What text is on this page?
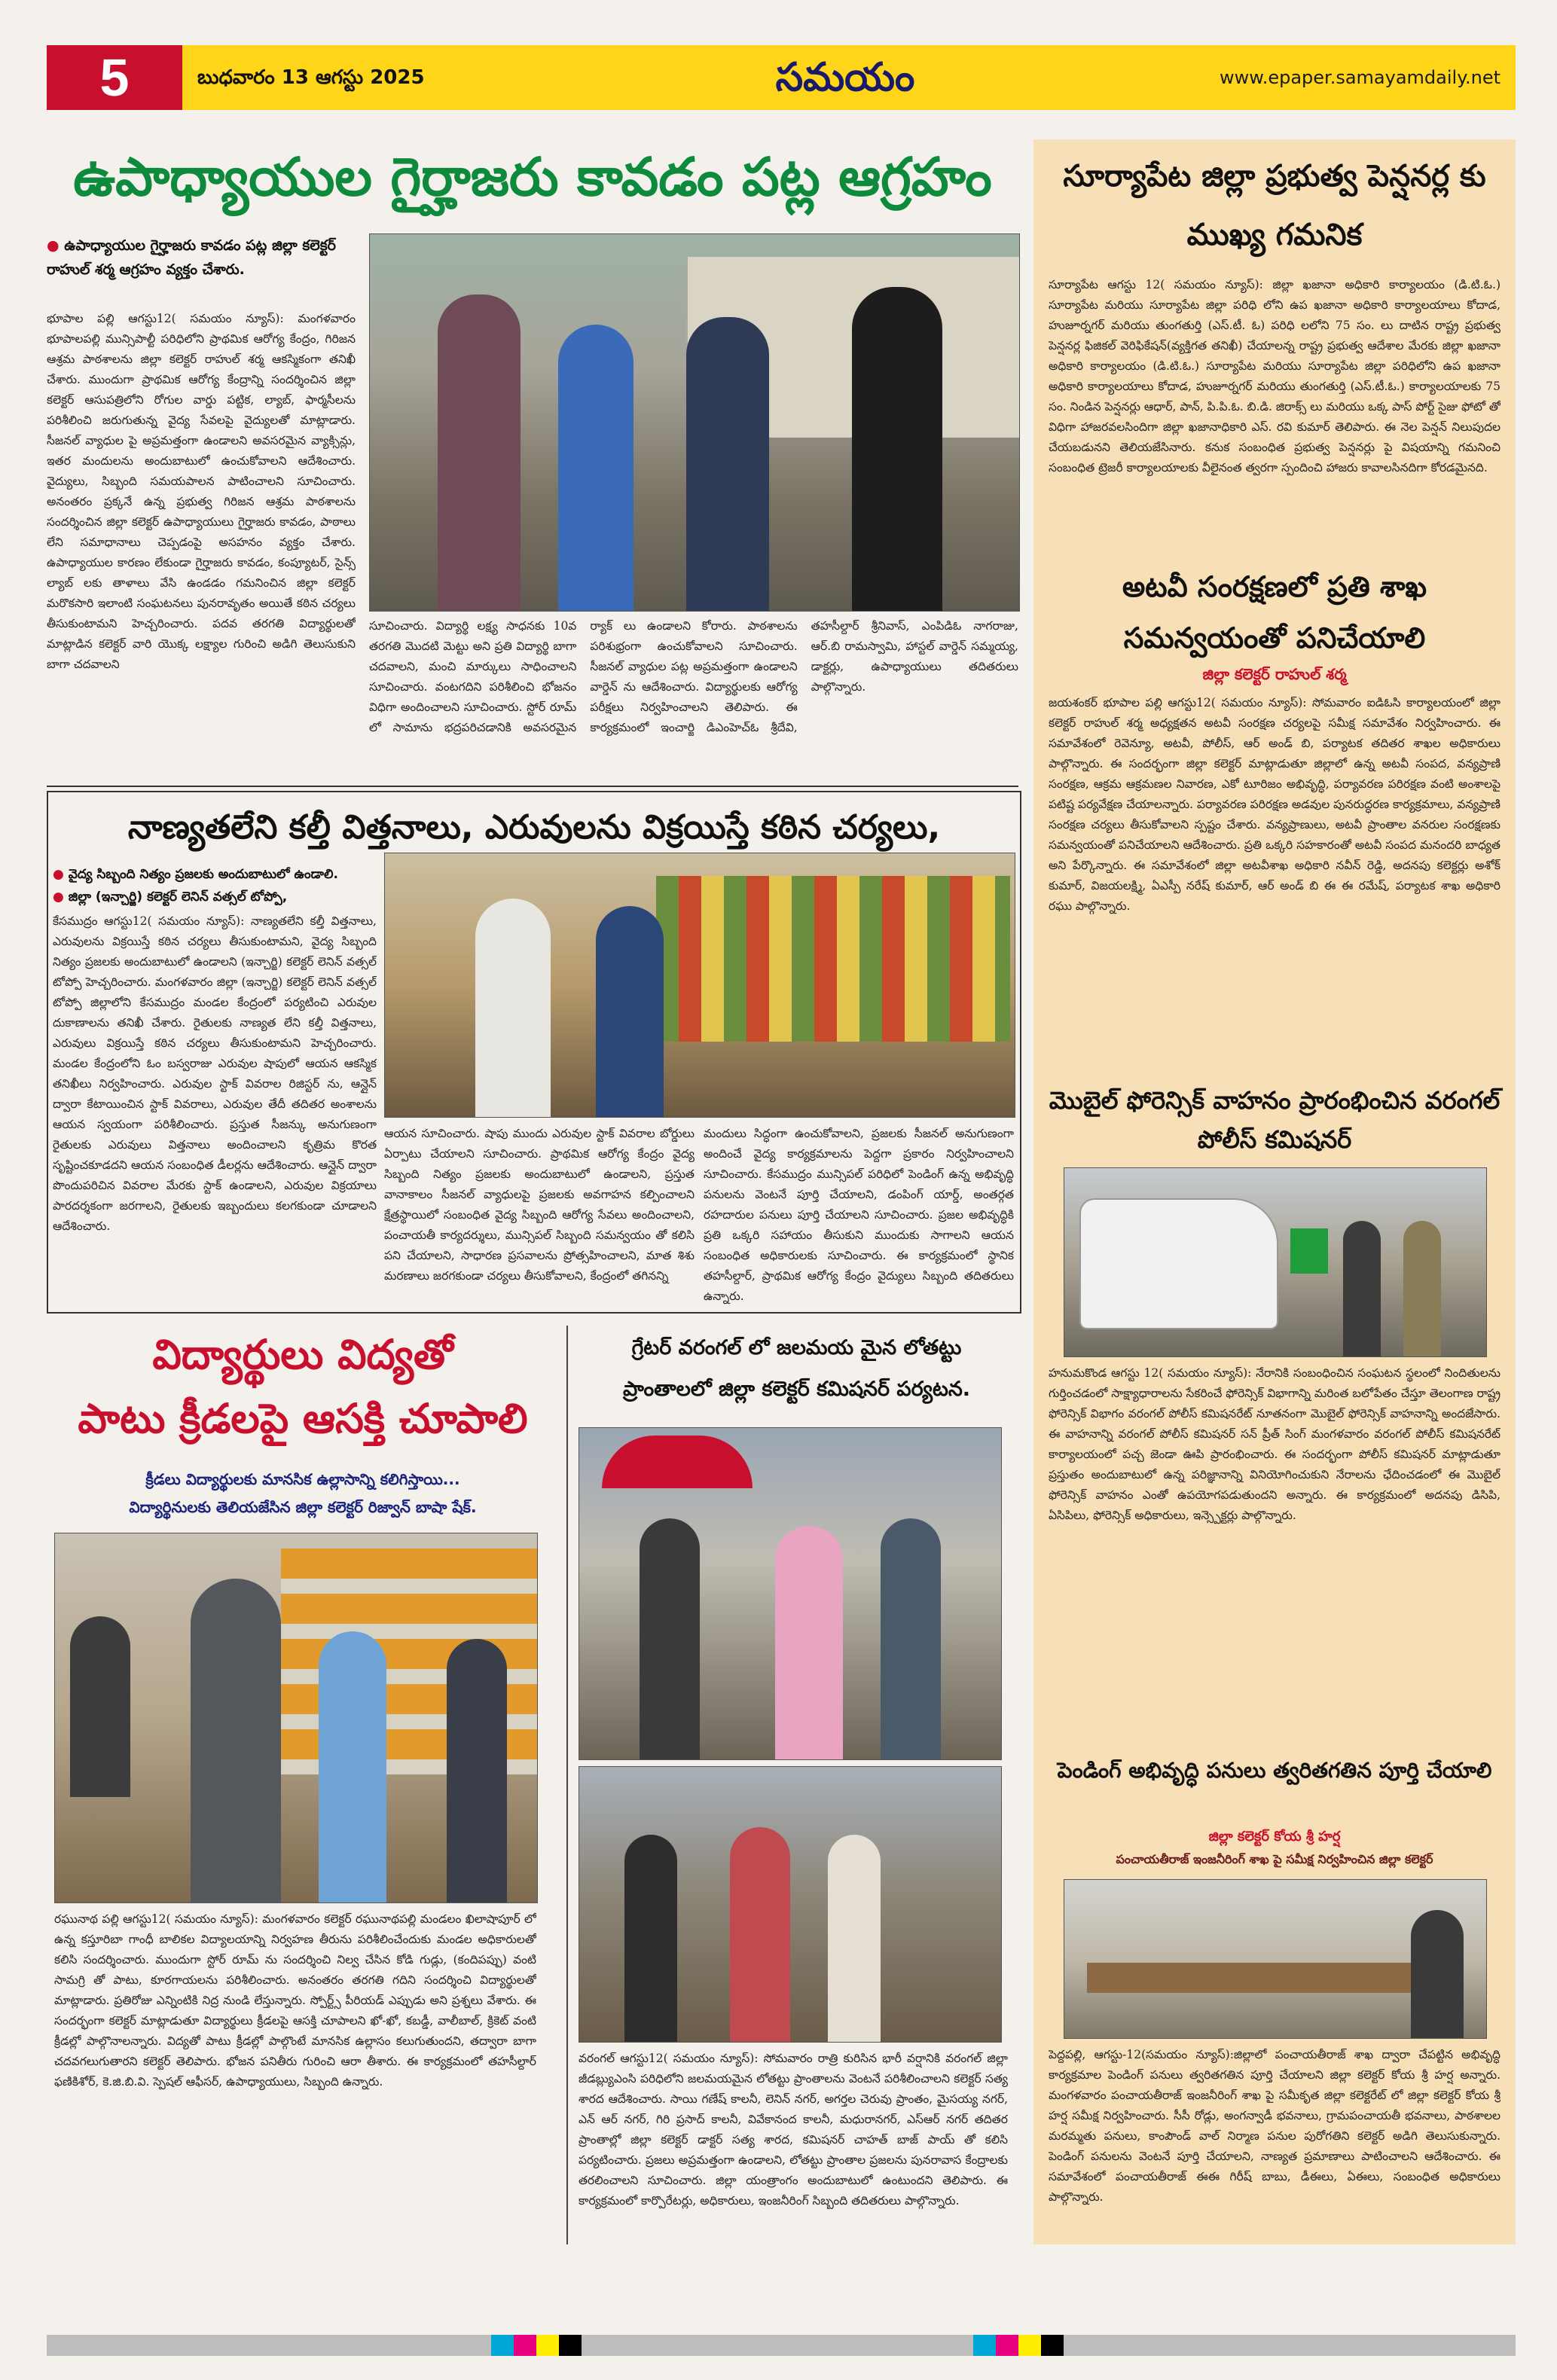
5	బుధవారం 13 ఆగస్టు 2025	సమయం	www.epaper.samayamdaily.net
ఉపాధ్యాయుల గైర్హాజరు కావడం పట్ల ఆగ్రహం
● ఉపాధ్యాయుల గైర్హాజరు కావడం పట్ల జిల్లా కలెక్టర్ రాహుల్ శర్మ ఆగ్రహం వ్యక్తం చేశారు.
భూపాల పల్లి ఆగస్టు12( సమయం న్యూస్): మంగళవారం భూపాలపల్లి మున్సిపాల్టీ పరిధిలోని ప్రాథమిక ఆరోగ్య కేంద్రం, గిరిజన ఆశ్రమ పాఠశాలను జిల్లా కలెక్టర్ రాహుల్ శర్మ ఆకస్మికంగా తనిఖీ చేశారు. ముందుగా ప్రాథమిక ఆరోగ్య కేంద్రాన్ని సందర్శించిన జిల్లా కలెక్టర్ ఆసుపత్రిలోని రోగుల వార్డు పట్టిక, ల్యాబ్, ఫార్మసీలను పరిశీలించి జరుగుతున్న వైద్య సేవలపై వైద్యులతో మాట్లాడారు. సీజనల్ వ్యాధుల పై అప్రమత్తంగా ఉండాలని అవసరమైన వ్యాక్సిన్లు, ఇతర మందులను అందుబాటులో ఉంచుకోవాలని ఆదేశించారు. వైద్యులు, సిబ్బంది సమయపాలన పాటించాలని సూచించారు. అనంతరం ప్రక్కనే ఉన్న ప్రభుత్వ గిరిజన ఆశ్రమ పాఠశాలను సందర్శించిన జిల్లా కలెక్టర్ ఉపాధ్యాయులు గైర్హాజరు కావడం, పాఠాలు లేని సమాధానాలు చెప్పడంపై అసహనం వ్యక్తం చేశారు. ఉపాధ్యాయుల కారణం లేకుండా గైర్హాజరు కావడం, కంప్యూటర్, సైన్స్ ల్యాబ్ లకు తాళాలు వేసి ఉండడం గమనించిన జిల్లా కలెక్టర్ మరొకసారి ఇలాంటి సంఘటనలు పునరావృతం అయితే కఠిన చర్యలు తీసుకుంటామని హెచ్చరించారు. పదవ తరగతి విద్యార్థులతో మాట్లాడిన కలెక్టర్ వారి యొక్క లక్ష్యాల గురించి అడిగి తెలుసుకుని బాగా చదవాలని
సూచించారు. విద్యార్థి లక్ష్య సాధనకు 10వ తరగతి మొదటి మెట్టు అని ప్రతి విద్యార్థి బాగా చదవాలని, మంచి మార్కులు సాధించాలని సూచించారు. వంటగదిని పరిశీలించి భోజనం విధిగా అందించాలని సూచించారు. స్టోర్ రూమ్ లో సామాను భద్రపరిచడానికి అవసరమైన ర్యాక్ లు ఉండాలని కోరారు. పాఠశాలను పరిశుభ్రంగా ఉంచుకోవాలని సూచించారు. సీజనల్ వ్యాధుల పట్ల అప్రమత్తంగా ఉండాలని వార్డెన్ ను ఆదేశించారు. విద్యార్థులకు ఆరోగ్య పరీక్షలు నిర్వహించాలని తెలిపారు. ఈ కార్యక్రమంలో ఇంచార్జి డిఎంహెచ్ఓ శ్రీదేవి, తహసీల్దార్ శ్రీనివాస్, ఎంపిడిఓ నాగరాజు, ఆర్.బి రామస్వామి, హాస్టల్ వార్డెన్ సమ్మయ్య, డాక్టర్లు, ఉపాధ్యాయులు తదితరులు పాల్గొన్నారు.
నాణ్యతలేని కల్తీ విత్తనాలు, ఎరువులను విక్రయిస్తే కఠిన చర్యలు,
● వైద్య సిబ్బంది నిత్యం ప్రజలకు అందుబాటులో ఉండాలి.
● జిల్లా (ఇన్చార్జి) కలెక్టర్ లెనిన్ వత్సల్ టోప్పో,
కేసముద్రం ఆగస్టు12( సమయం న్యూస్): నాణ్యతలేని కల్తీ విత్తనాలు, ఎరువులను విక్రయిస్తే కఠిన చర్యలు తీసుకుంటామని, వైద్య సిబ్బంది నిత్యం ప్రజలకు అందుబాటులో ఉండాలని (ఇన్చార్జి) కలెక్టర్ లెనిన్ వత్సల్ టోప్పో హెచ్చరించారు. మంగళవారం జిల్లా (ఇన్చార్జి) కలెక్టర్ లెనిన్ వత్సల్ టోప్పో జిల్లాలోని కేసముద్రం మండల కేంద్రంలో పర్యటించి ఎరువుల దుకాణాలను తనిఖీ చేశారు. రైతులకు నాణ్యత లేని కల్తీ విత్తనాలు, ఎరువులు విక్రయిస్తే కఠిన చర్యలు తీసుకుంటామని హెచ్చరించారు. మండల కేంద్రంలోని ఓం బస్వరాజు ఎరువుల షాపులో ఆయన ఆకస్మిక తనిఖీలు నిర్వహించారు. ఎరువుల స్టాక్ వివరాల రిజిస్టర్ ను, ఆన్లైన్ ద్వారా కేటాయించిన స్టాక్ వివరాలు, ఎరువుల తేదీ తదితర అంశాలను ఆయన స్వయంగా పరిశీలించారు. ప్రస్తుత సీజన్కు అనుగుణంగా రైతులకు ఎరువులు విత్తనాలు అందించాలని కృత్రిమ కొరత సృష్టించకూడదని ఆయన సంబంధిత డీలర్లను ఆదేశించారు. ఆన్లైన్ ద్వారా పొందుపరిచిన వివరాల మేరకు స్టాక్ ఉండాలని, ఎరువుల విక్రయాలు పారదర్శకంగా జరగాలని, రైతులకు ఇబ్బందులు కలగకుండా చూడాలని ఆదేశించారు.
ఆయన సూచించారు. షాపు ముందు ఎరువుల స్టాక్ వివరాల బోర్డులు ఏర్పాటు చేయాలని సూచించారు. ప్రాథమిక ఆరోగ్య కేంద్రం వైద్య సిబ్బంది నిత్యం ప్రజలకు అందుబాటులో ఉండాలని, ప్రస్తుత వానాకాలం సీజనల్ వ్యాధులపై ప్రజలకు అవగాహన కల్పించాలని క్షేత్రస్థాయిలో సంబంధిత వైద్య సిబ్బంది ఆరోగ్య సేవలు అందించాలని, పంచాయతీ కార్యదర్శులు, మున్సిపల్ సిబ్బంది సమన్వయం తో కలిసి పని చేయాలని, సాధారణ ప్రసవాలను ప్రోత్సహించాలని, మాత శిశు మరణాలు జరగకుండా చర్యలు తీసుకోవాలని, కేంద్రంలో తగినన్ని
మందులు సిద్ధంగా ఉంచుకోవాలని, ప్రజలకు సీజనల్ అనుగుణంగా అందించే వైద్య కార్యక్రమాలను పెద్దగా ప్రకారం నిర్వహించాలని సూచించారు. కేసముద్రం మున్సిపల్ పరిధిలో పెండింగ్ ఉన్న అభివృద్ధి పనులను వెంటనే పూర్తి చేయాలని, డంపింగ్ యార్డ్, అంతర్గత రహదారుల పనులు పూర్తి చేయాలని సూచించారు. ప్రజల అభివృద్ధికి ప్రతి ఒక్కరి సహాయం తీసుకుని ముందుకు సాగాలని ఆయన సంబంధిత అధికారులకు సూచించారు. ఈ కార్యక్రమంలో స్థానిక తహసీల్దార్, ప్రాథమిక ఆరోగ్య కేంద్రం వైద్యులు సిబ్బంది తదితరులు ఉన్నారు.
విద్యార్థులు విద్యతో
పాటు క్రీడలపై ఆసక్తి చూపాలి
క్రీడలు విద్యార్థులకు మానసిక ఉల్లాసాన్ని కలిగిస్తాయి...
విద్యార్థినులకు తెలియజేసిన జిల్లా కలెక్టర్ రిజ్వాన్ బాషా షేక్.
రఘునాథ పల్లి ఆగస్టు12( సమయం న్యూస్): మంగళవారం కలెక్టర్ రఘునాథపల్లి మండలం ఖిలాషాపూర్ లో ఉన్న కస్తూరిబా గాంధీ బాలికల విద్యాలయాన్ని నిర్వహణ తీరును పరిశీలించేందుకు మండల అధికారులతో కలిసి సందర్శించారు. ముందుగా స్టోర్ రూమ్ ను సందర్శించి నిల్వ చేసిన కోడి గుడ్లు, (కందిపప్పు) వంటి సామగ్రి తో పాటు, కూరగాయలను పరిశీలించారు. అనంతరం తరగతి గదిని సందర్శించి విద్యార్థులతో మాట్లాడారు. ప్రతిరోజు ఎన్నింటికి నిద్ర నుండి లేస్తున్నారు. స్పోర్ట్స్ పీరియడ్ ఎప్పుడు అని ప్రశ్నలు వేశారు. ఈ సందర్భంగా కలెక్టర్ మాట్లాడుతూ విద్యార్థులు క్రీడలపై ఆసక్తి చూపాలని ఖో-ఖో, కబడ్డీ, వాలీబాల్, క్రికెట్ వంటి క్రీడల్లో పాల్గొనాలన్నారు. విద్యతో పాటు క్రీడల్లో పాల్గొంటే మానసిక ఉల్లాసం కలుగుతుందని, తద్వారా బాగా చదవగలుగుతారని కలెక్టర్ తెలిపారు. భోజన పనితీరు గురించి ఆరా తీశారు. ఈ కార్యక్రమంలో తహసీల్దార్ ఫణికిశోర్, కె.జి.బి.వి. స్పెషల్ ఆఫీసర్, ఉపాధ్యాయులు, సిబ్బంది ఉన్నారు.
గ్రేటర్ వరంగల్ లో జలమయ మైన లోతట్టు
ప్రాంతాలలో జిల్లా కలెక్టర్ కమిషనర్ పర్యటన.
వరంగల్ ఆగస్టు12( సమయం న్యూస్): సోమవారం రాత్రి కురిసిన భారీ వర్షానికి వరంగల్ జిల్లా జీడబ్ల్యుఎంసి పరిధిలోని జలమయమైన లోతట్టు ప్రాంతాలను వెంటనే పరిశీలించాలని కలెక్టర్ సత్య శారద ఆదేశించారు. సాయి గణేష్ కాలనీ, లెనిన్ నగర్, అగర్తల చెరువు ప్రాంతం, మైసయ్య నగర్, ఎన్ ఆర్ నగర్, గిరి ప్రసాద్ కాలనీ, వివేకానంద కాలనీ, మధురానగర్, ఎస్ఆర్ నగర్ తదితర ప్రాంతాల్లో జిల్లా కలెక్టర్ డాక్టర్ సత్య శారద, కమిషనర్ చాహత్ బాజ్ పాయ్ తో కలిసి పర్యటించారు. ప్రజలు అప్రమత్తంగా ఉండాలని, లోతట్టు ప్రాంతాల ప్రజలను పునరావాస కేంద్రాలకు తరలించాలని సూచించారు. జిల్లా యంత్రాంగం అందుబాటులో ఉంటుందని తెలిపారు. ఈ కార్యక్రమంలో కార్పొరేటర్లు, అధికారులు, ఇంజనీరింగ్ సిబ్బంది తదితరులు పాల్గొన్నారు.
సూర్యాపేట జిల్లా ప్రభుత్వ పెన్షనర్ల కు ముఖ్య గమనిక
సూర్యాపేట ఆగస్టు 12( సమయం న్యూస్): జిల్లా ఖజానా అధికారి కార్యాలయం (డి.టి.ఓ.) సూర్యాపేట మరియు సూర్యాపేట జిల్లా పరిధి లోని ఉప ఖజానా అధికారి కార్యాలయాలు కోదాడ, హుజూర్నగర్ మరియు తుంగతుర్తి (ఎస్.టీ. ఓ) పరిధి లలోని 75 సం. లు దాటిన రాష్ట్ర ప్రభుత్వ పెన్షనర్ల ఫిజికల్ వెరిఫికేషన్(వ్యక్తిగత తనిఖీ) చేయాలన్న రాష్ట్ర ప్రభుత్వ ఆదేశాల మేరకు జిల్లా ఖజానా అధికారి కార్యాలయం (డి.టి.ఓ.) సూర్యాపేట మరియు సూర్యాపేట జిల్లా పరిధిలోని ఉప ఖజానా అధికారి కార్యాలయాలు కోదాడ, హుజూర్నగర్ మరియు తుంగతుర్తి (ఎస్.టీ.ఓ.) కార్యాలయాలకు 75 సం. నిండిన పెన్షనర్లు ఆధార్, పాన్, పి.పి.ఓ. బి.డి. జిరాక్స్ లు మరియు ఒక్క పాస్ పోర్ట్ సైజు ఫోటో తో విధిగా హాజరవలసిందిగా జిల్లా ఖజానాధికారి ఎస్. రవి కుమార్ తెలిపారు. ఈ నెల పెన్షన్ నిలుపుదల చేయబడునని తెలియజేసినారు. కనుక సంబంధిత ప్రభుత్వ పెన్షనర్లు పై విషయాన్ని గమనించి సంబంధిత ట్రెజరీ కార్యాలయాలకు వీలైనంత త్వరగా స్పందించి హాజరు కావాలసినదిగా కోరడమైనది.
అటవీ సంరక్షణలో ప్రతి శాఖ సమన్వయంతో పనిచేయాలి
జిల్లా కలెక్టర్ రాహుల్ శర్మ
జయశంకర్ భూపాల పల్లి ఆగస్టు12( సమయం న్యూస్): సోమవారం ఐడిఓసి కార్యాలయంలో జిల్లా కలెక్టర్ రాహుల్ శర్మ అధ్యక్షతన అటవీ సంరక్షణ చర్యలపై సమీక్ష సమావేశం నిర్వహించారు. ఈ సమావేశంలో రెవెన్యూ, అటవీ, పోలీస్, ఆర్ అండ్ బి, పర్యాటక తదితర శాఖల అధికారులు పాల్గొన్నారు. ఈ సందర్భంగా జిల్లా కలెక్టర్ మాట్లాడుతూ జిల్లాలో ఉన్న అటవీ సంపద, వన్యప్రాణి సంరక్షణ, ఆక్రమ ఆక్రమణల నివారణ, ఎకో టూరిజం అభివృద్ధి, పర్యావరణ పరిరక్షణ వంటి అంశాలపై పటిష్ట పర్యవేక్షణ చేయాలన్నారు. పర్యావరణ పరిరక్షణ అడవుల పునరుద్ధరణ కార్యక్రమాలు, వన్యప్రాణి సంరక్షణ చర్యలు తీసుకోవాలని స్పష్టం చేశారు. వన్యప్రాణులు, అటవీ ప్రాంతాల వనరుల సంరక్షణకు సమన్వయంతో పనిచేయాలని ఆదేశించారు. ప్రతి ఒక్కరి సహకారంతో అటవీ సంపద మనందరి బాధ్యత అని పేర్కొన్నారు. ఈ సమావేశంలో జిల్లా అటవీశాఖ అధికారి నవీన్ రెడ్డి, అదనపు కలెక్టర్లు అశోక్ కుమార్, విజయలక్ష్మి, ఏఎస్పీ నరేష్ కుమార్, ఆర్ అండ్ బి ఈ ఈ రమేష్, పర్యాటక శాఖ అధికారి రఘు పాల్గొన్నారు.
మొబైల్ ఫోరెన్సిక్ వాహనం ప్రారంభించిన వరంగల్ పోలీస్ కమిషనర్
హనుమకొండ ఆగస్టు 12( సమయం న్యూస్): నేరానికి సంబంధించిన సంఘటన స్థలంలో నిందితులను గుర్తించడంలో సాక్ష్యాధారాలను సేకరించే ఫోరెన్సిక్ విభాగాన్ని మరింత బలోపేతం చేస్తూ తెలంగాణ రాష్ట్ర ఫోరెన్సిక్ విభాగం వరంగల్ పోలీస్ కమిషనరేట్ నూతనంగా మొబైల్ ఫోరెన్సిక్ వాహనాన్ని అందజేసారు. ఈ వాహనాన్ని వరంగల్ పోలీస్ కమిషనర్ సన్ ప్రీత్ సింగ్ మంగళవారం వరంగల్ పోలీస్ కమిషనరేట్ కార్యాలయంలో పచ్చ జెండా ఊపి ప్రారంభించారు. ఈ సందర్భంగా పోలీస్ కమిషనర్ మాట్లాడుతూ ప్రస్తుతం అందుబాటులో ఉన్న పరిజ్ఞానాన్ని వినియోగించుకుని నేరాలను ఛేదించడంలో ఈ మొబైల్ ఫోరెన్సిక్ వాహనం ఎంతో ఉపయోగపడుతుందని అన్నారు. ఈ కార్యక్రమంలో అదనపు డిసిపి, ఏసిపిలు, ఫోరెన్సిక్ అధికారులు, ఇన్స్పెక్టర్లు పాల్గొన్నారు.
పెండింగ్ అభివృద్ధి పనులు త్వరితగతిన పూర్తి చేయాలి
జిల్లా కలెక్టర్ కోయ శ్రీ హర్ష
పంచాయతీరాజ్ ఇంజనీరింగ్ శాఖ పై సమీక్ష నిర్వహించిన జిల్లా కలెక్టర్
పెద్దపల్లి, ఆగస్టు-12(సమయం న్యూస్):జిల్లాలో పంచాయతీరాజ్ శాఖ ద్వారా చేపట్టిన అభివృద్ధి కార్యక్రమాల పెండింగ్ పనులు త్వరితగతిన పూర్తి చేయాలని జిల్లా కలెక్టర్ కోయ శ్రీ హర్ష అన్నారు. మంగళవారం పంచాయతీరాజ్ ఇంజనీరింగ్ శాఖ పై సమీకృత జిల్లా కలెక్టరేట్ లో జిల్లా కలెక్టర్ కోయ శ్రీ హర్ష సమీక్ష నిర్వహించారు. సీసీ రోడ్లు, అంగన్వాడీ భవనాలు, గ్రామపంచాయతీ భవనాలు, పాఠశాలల మరమ్మతు పనులు, కాంపౌండ్ వాల్ నిర్మాణ పనుల పురోగతిని కలెక్టర్ అడిగి తెలుసుకున్నారు. పెండింగ్ పనులను వెంటనే పూర్తి చేయాలని, నాణ్యత ప్రమాణాలు పాటించాలని ఆదేశించారు. ఈ సమావేశంలో పంచాయతీరాజ్ ఈఈ గిరీష్ బాబు, డీఈలు, ఏఈలు, సంబంధిత అధికారులు పాల్గొన్నారు.
